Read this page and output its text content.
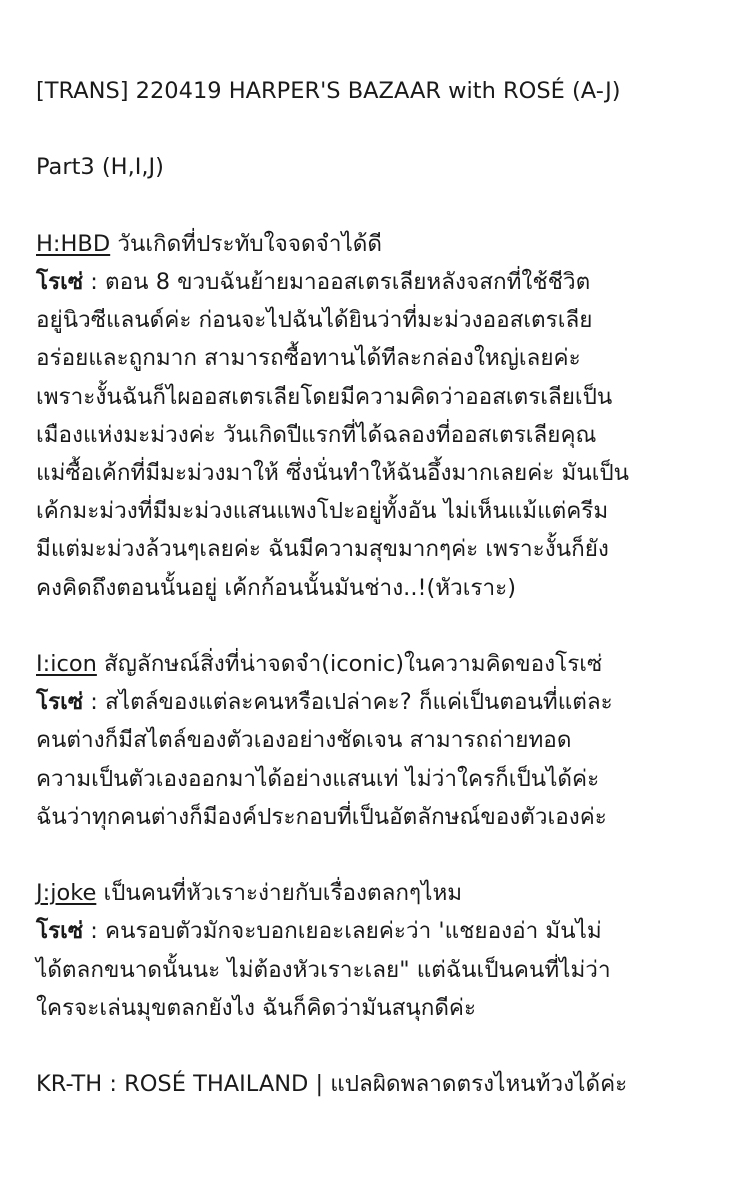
[TRANS] 220419 HARPER'S BAZAAR with ROSÉ (A-J)
Part3 (H,I,J)
H:HBD วันเกิดที่ประทับใจจดจำได้ดี
โรเซ่ : ตอน 8 ขวบฉันย้ายมาออสเตรเลียหลังจสกที่ใช้ชีวิต
อยู่นิวซีแลนด์ค่ะ ก่อนจะไปฉันได้ยินว่าที่มะม่วงออสเตรเลีย
อร่อยและถูกมาก สามารถซื้อทานได้ทีละกล่องใหญ่เลยค่ะ
เพราะงั้นฉันก็ไผออสเตรเลียโดยมีความคิดว่าออสเตรเลียเป็น
เมืองแห่งมะม่วงค่ะ วันเกิดปีแรกที่ได้ฉลองที่ออสเตรเลียคุณ
แม่ซื้อเค้กที่มีมะม่วงมาให้ ซึ่งนั่นทำให้ฉันอึ้งมากเลยค่ะ มันเป็น
เค้กมะม่วงที่มีมะม่วงแสนแพงโปะอยู่ทั้งอัน ไม่เห็นแม้แต่ครีม
มีแต่มะม่วงล้วนๆเลยค่ะ ฉันมีความสุขมากๆค่ะ เพราะงั้นก็ยัง
คงคิดถึงตอนนั้นอยู่ เค้กก้อนนั้นมันช่าง..!(หัวเราะ)
I:icon สัญลักษณ์สิ่งที่น่าจดจำ(iconic)ในความคิดของโรเซ่
โรเซ่ : สไตล์ของแต่ละคนหรือเปล่าคะ? ก็แค่เป็นตอนที่แต่ละ
คนต่างก็มีสไตล์ของตัวเองอย่างชัดเจน สามารถถ่ายทอด
ความเป็นตัวเองออกมาได้อย่างแสนเท่ ไม่ว่าใครก็เป็นได้ค่ะ
ฉันว่าทุกคนต่างก็มีองค์ประกอบที่เป็นอัตลักษณ์ของตัวเองค่ะ
J:joke เป็นคนที่หัวเราะง่ายกับเรื่องตลกๆไหม
โรเซ่ : คนรอบตัวมักจะบอกเยอะเลยค่ะว่า 'แชยองอ่า มันไม่
ได้ตลกขนาดนั้นนะ ไม่ต้องหัวเราะเลย" แต่ฉันเป็นคนที่ไม่ว่า
ใครจะเล่นมุขตลกยังไง ฉันก็คิดว่ามันสนุกดีค่ะ
KR-TH : ROSÉ THAILAND | แปลผิดพลาดตรงไหนท้วงได้ค่ะ
